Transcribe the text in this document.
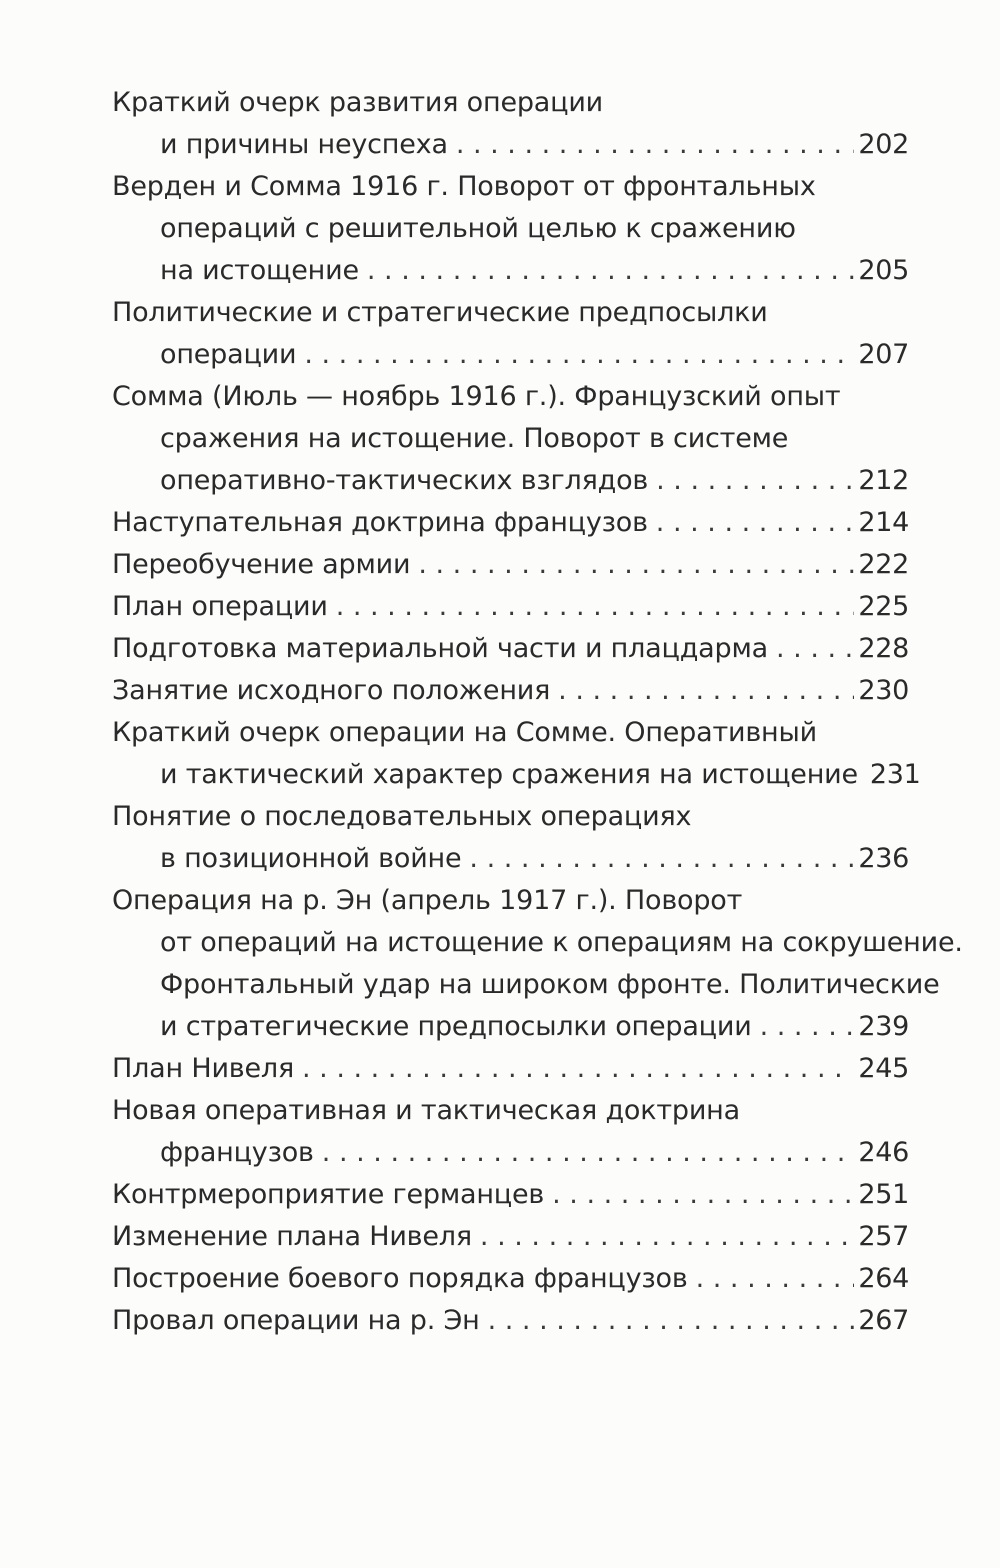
Краткий очерк развития операции
и причины неуспеха . . .	202
Верден и Сомма 1916 г. Поворот от фронтальных
операций с решительной целью к сражению
на истощение . . .	205
Политические и стратегические предпосылки
операции . . .	207
Сомма (Июль — ноябрь 1916 г.). Французский опыт
сражения на истощение. Поворот в системе
оперативно-тактических взглядов . . .	212
Наступательная доктрина французов . . .	214
Переобучение армии . . .	222
План операции . . .	225
Подготовка материальной части и плацдарма . . .	228
Занятие исходного положения . . .	230
Краткий очерк операции на Сомме. Оперативный
и тактический характер сражения на истощение 231
Понятие о последовательных операциях
в позиционной войне . . .	236
Операция на р. Эн (апрель 1917 г.). Поворот
от операций на истощение к операциям на сокрушение.
Фронтальный удар на широком фронте. Политические
и стратегические предпосылки операции . . .	239
План Нивеля . . .	245
Новая оперативная и тактическая доктрина
французов . . .	246
Контрмероприятие германцев . . .	251
Изменение плана Нивеля . . .	257
Построение боевого порядка французов . . .	264
Провал операции на р. Эн . . .	267
